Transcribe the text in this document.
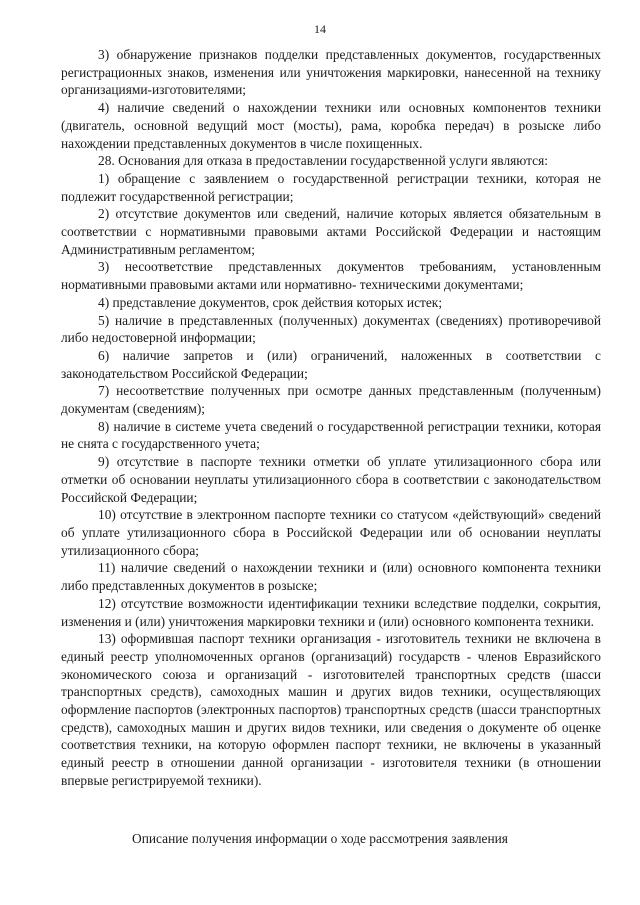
14

3) обнаружение признаков подделки представленных документов, государственных регистрационных знаков, изменения или уничтожения маркировки, нанесенной на технику организациями-изготовителями;

4) наличие сведений о нахождении техники или основных компонентов техники (двигатель, основной ведущий мост (мосты), рама, коробка передач) в розыске либо нахождении представленных документов в числе похищенных.

28. Основания для отказа в предоставлении государственной услуги являются:

1) обращение с заявлением о государственной регистрации техники, которая не подлежит государственной регистрации;

2) отсутствие документов или сведений, наличие которых является обязательным в соответствии с нормативными правовыми актами Российской Федерации и настоящим Административным регламентом;

3) несоответствие представленных документов требованиям, установленным нормативными правовыми актами или нормативно- техническими документами;

4) представление документов, срок действия которых истек;

5) наличие в представленных (полученных) документах (сведениях) противоречивой либо недостоверной информации;

6) наличие запретов и (или) ограничений, наложенных в соответствии с законодательством Российской Федерации;

7) несоответствие полученных при осмотре данных представленным (полученным) документам (сведениям);

8) наличие в системе учета сведений о государственной регистрации техники, которая не снята с государственного учета;

9) отсутствие в паспорте техники отметки об уплате утилизационного сбора или отметки об основании неуплаты утилизационного сбора в соответствии с законодательством Российской Федерации;

10) отсутствие в электронном паспорте техники со статусом «действующий» сведений об уплате утилизационного сбора в Российской Федерации или об основании неуплаты утилизационного сбора;

11) наличие сведений о нахождении техники и (или) основного компонента техники либо представленных документов в розыске;

12) отсутствие возможности идентификации техники вследствие подделки, сокрытия, изменения и (или) уничтожения маркировки техники и (или) основного компонента техники.

13) оформившая паспорт техники организация - изготовитель техники не включена в единый реестр уполномоченных органов (организаций) государств - членов Евразийского экономического союза и организаций - изготовителей транспортных средств (шасси транспортных средств), самоходных машин и других видов техники, осуществляющих оформление паспортов (электронных паспортов) транспортных средств (шасси транспортных средств), самоходных машин и других видов техники, или сведения о документе об оценке соответствия техники, на которую оформлен паспорт техники, не включены в указанный единый реестр в отношении данной организации - изготовителя техники (в отношении впервые регистрируемой техники).

Описание получения информации о ходе рассмотрения заявления
